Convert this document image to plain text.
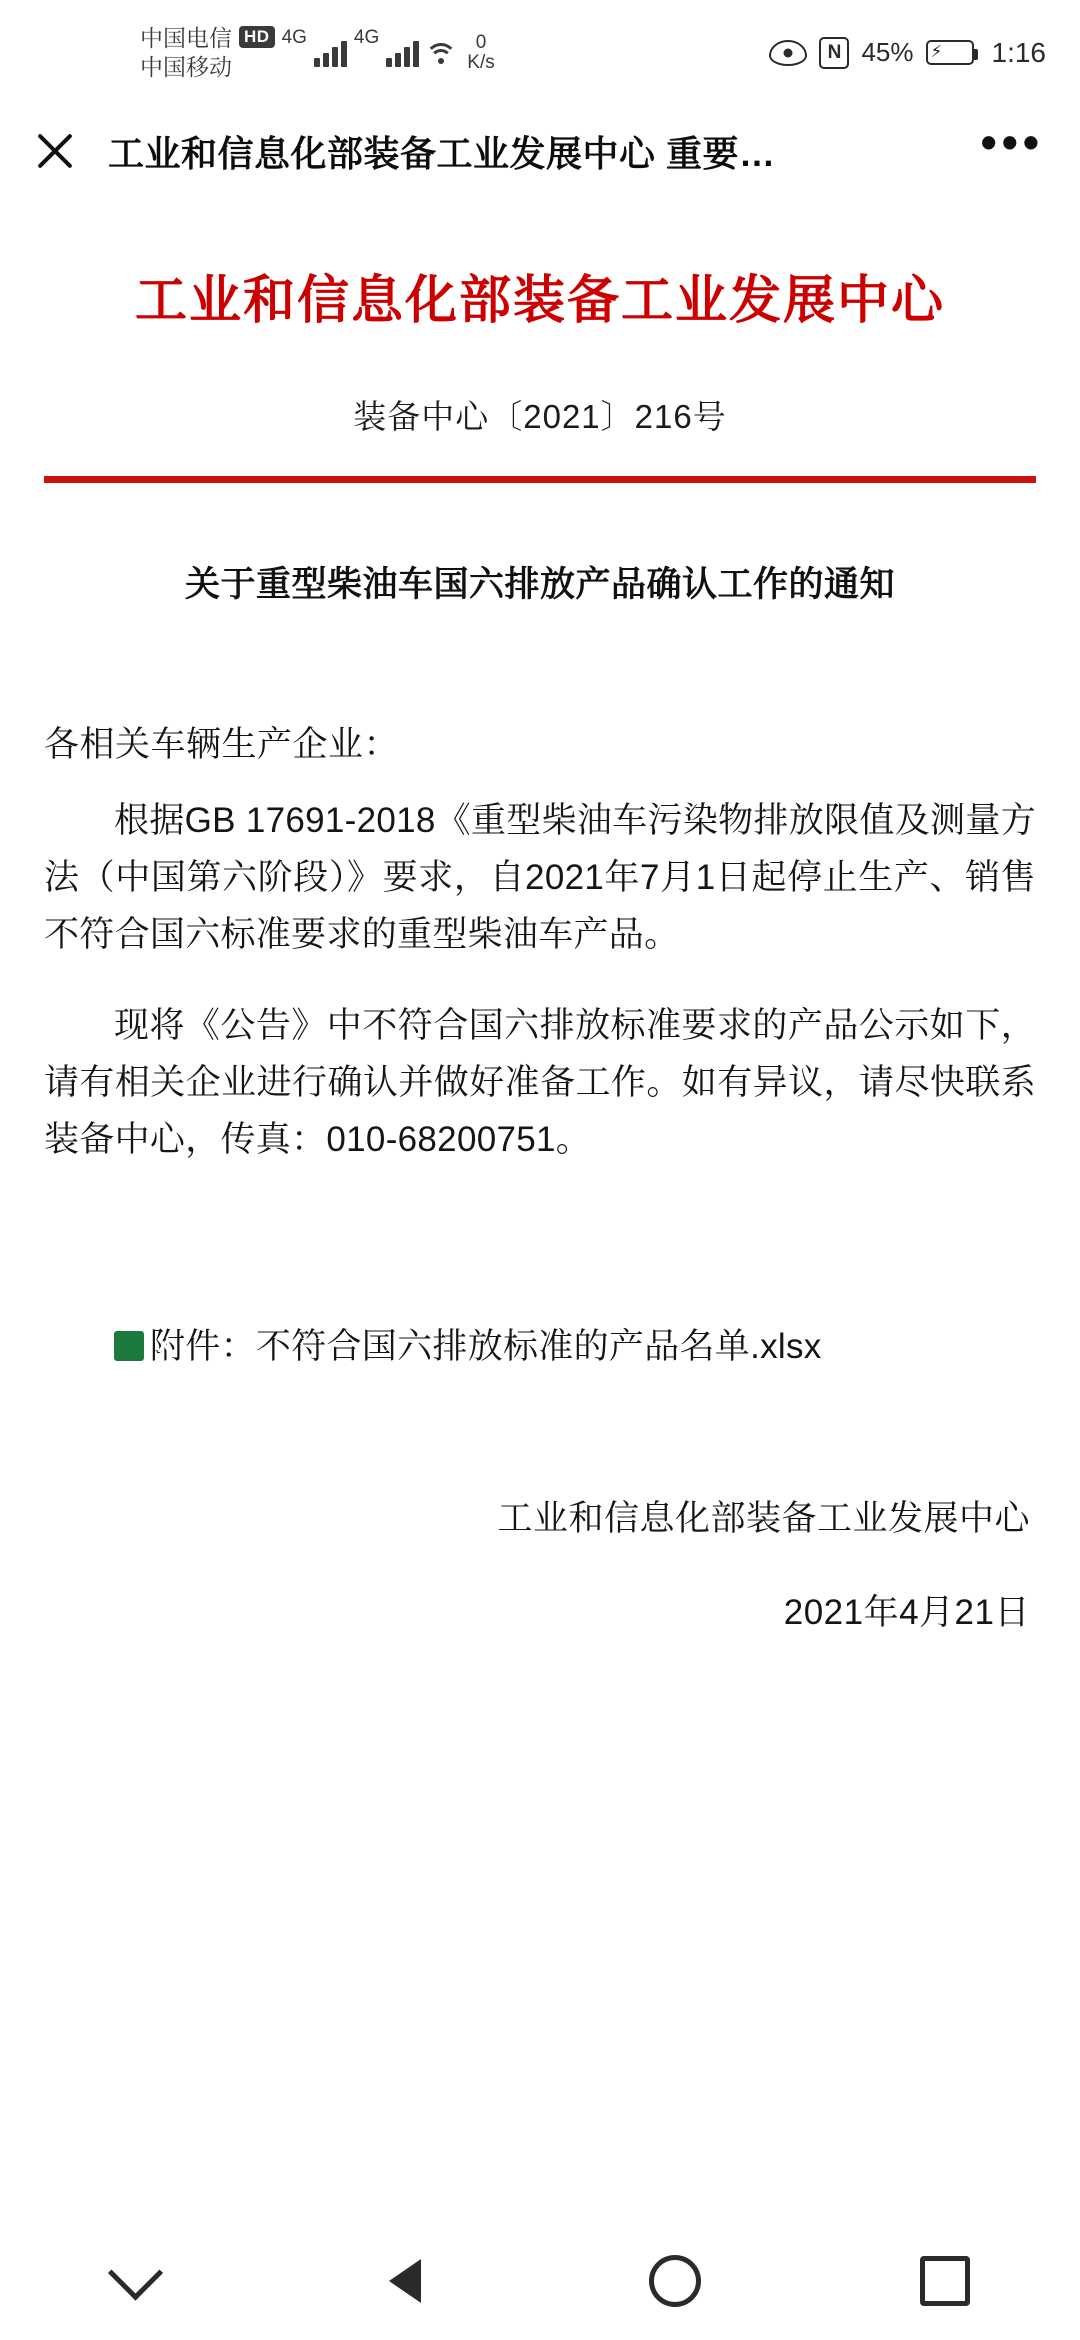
中国电信
中国移动
HD 4G 4G	0
K/s	N 45% ⚡ 1:16
工业和信息化部装备工业发展中心 重要…	•••
工业和信息化部装备工业发展中心
装备中心〔2021〕216号
关于重型柴油车国六排放产品确认工作的通知
各相关车辆生产企业：

根据GB 17691-2018《重型柴油车污染物排放限值及测量方法（中国第六阶段）》要求，自2021年7月1日起停止生产、销售不符合国六标准要求的重型柴油车产品。

现将《公告》中不符合国六排放标准要求的产品公示如下，请有相关企业进行确认并做好准备工作。如有异议，请尽快联系装备中心，传真：010-68200751。

X附件：不符合国六排放标准的产品名单.xlsx
工业和信息化部装备工业发展中心
2021年4月21日
